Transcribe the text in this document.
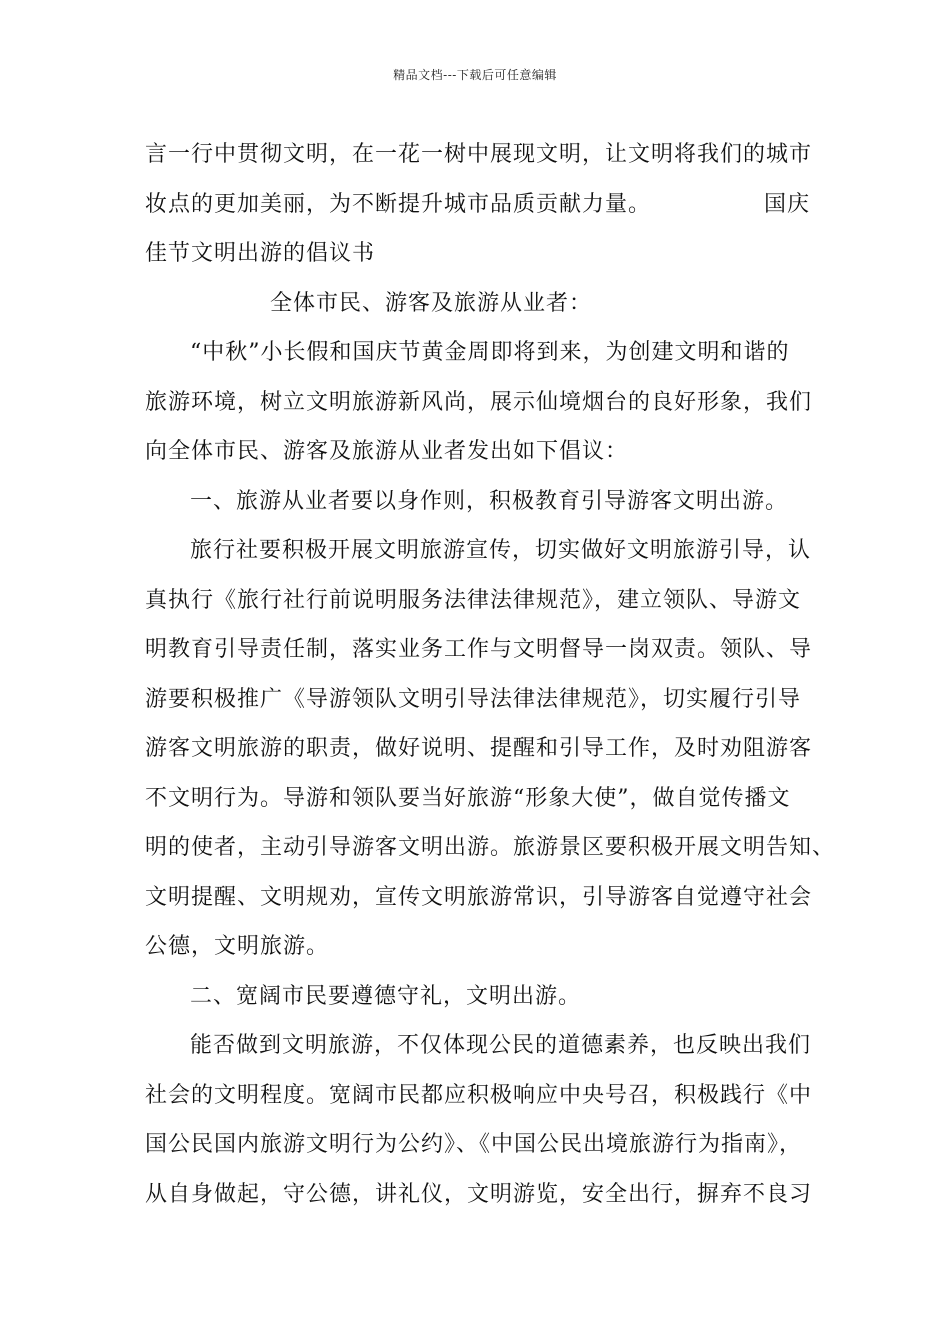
精品文档---下载后可任意编辑
言一行中贯彻文明，在一花一树中展现文明，让文明将我们的城市
妆点的更加美丽，为不断提升城市品质贡献力量。	国庆
佳节文明出游的倡议书
全体市民、游客及旅游从业者：
“中秋”小长假和国庆节黄金周即将到来，为创建文明和谐的
旅游环境，树立文明旅游新风尚，展示仙境烟台的良好形象，我们
向全体市民、游客及旅游从业者发出如下倡议：
一、旅游从业者要以身作则，积极教育引导游客文明出游。
旅行社要积极开展文明旅游宣传，切实做好文明旅游引导，认
真执行《旅行社行前说明服务法律法律规范》，建立领队、导游文
明教育引导责任制，落实业务工作与文明督导一岗双责。领队、导
游要积极推广《导游领队文明引导法律法律规范》，切实履行引导
游客文明旅游的职责，做好说明、提醒和引导工作，及时劝阻游客
不文明行为。导游和领队要当好旅游“形象大使”，做自觉传播文
明的使者，主动引导游客文明出游。旅游景区要积极开展文明告知、
文明提醒、文明规劝，宣传文明旅游常识，引导游客自觉遵守社会
公德，文明旅游。
二、宽阔市民要遵德守礼，文明出游。
能否做到文明旅游，不仅体现公民的道德素养，也反映出我们
社会的文明程度。宽阔市民都应积极响应中央号召，积极践行《中
国公民国内旅游文明行为公约》、《中国公民出境旅游行为指南》，
从自身做起，守公德，讲礼仪，文明游览，安全出行，摒弃不良习
